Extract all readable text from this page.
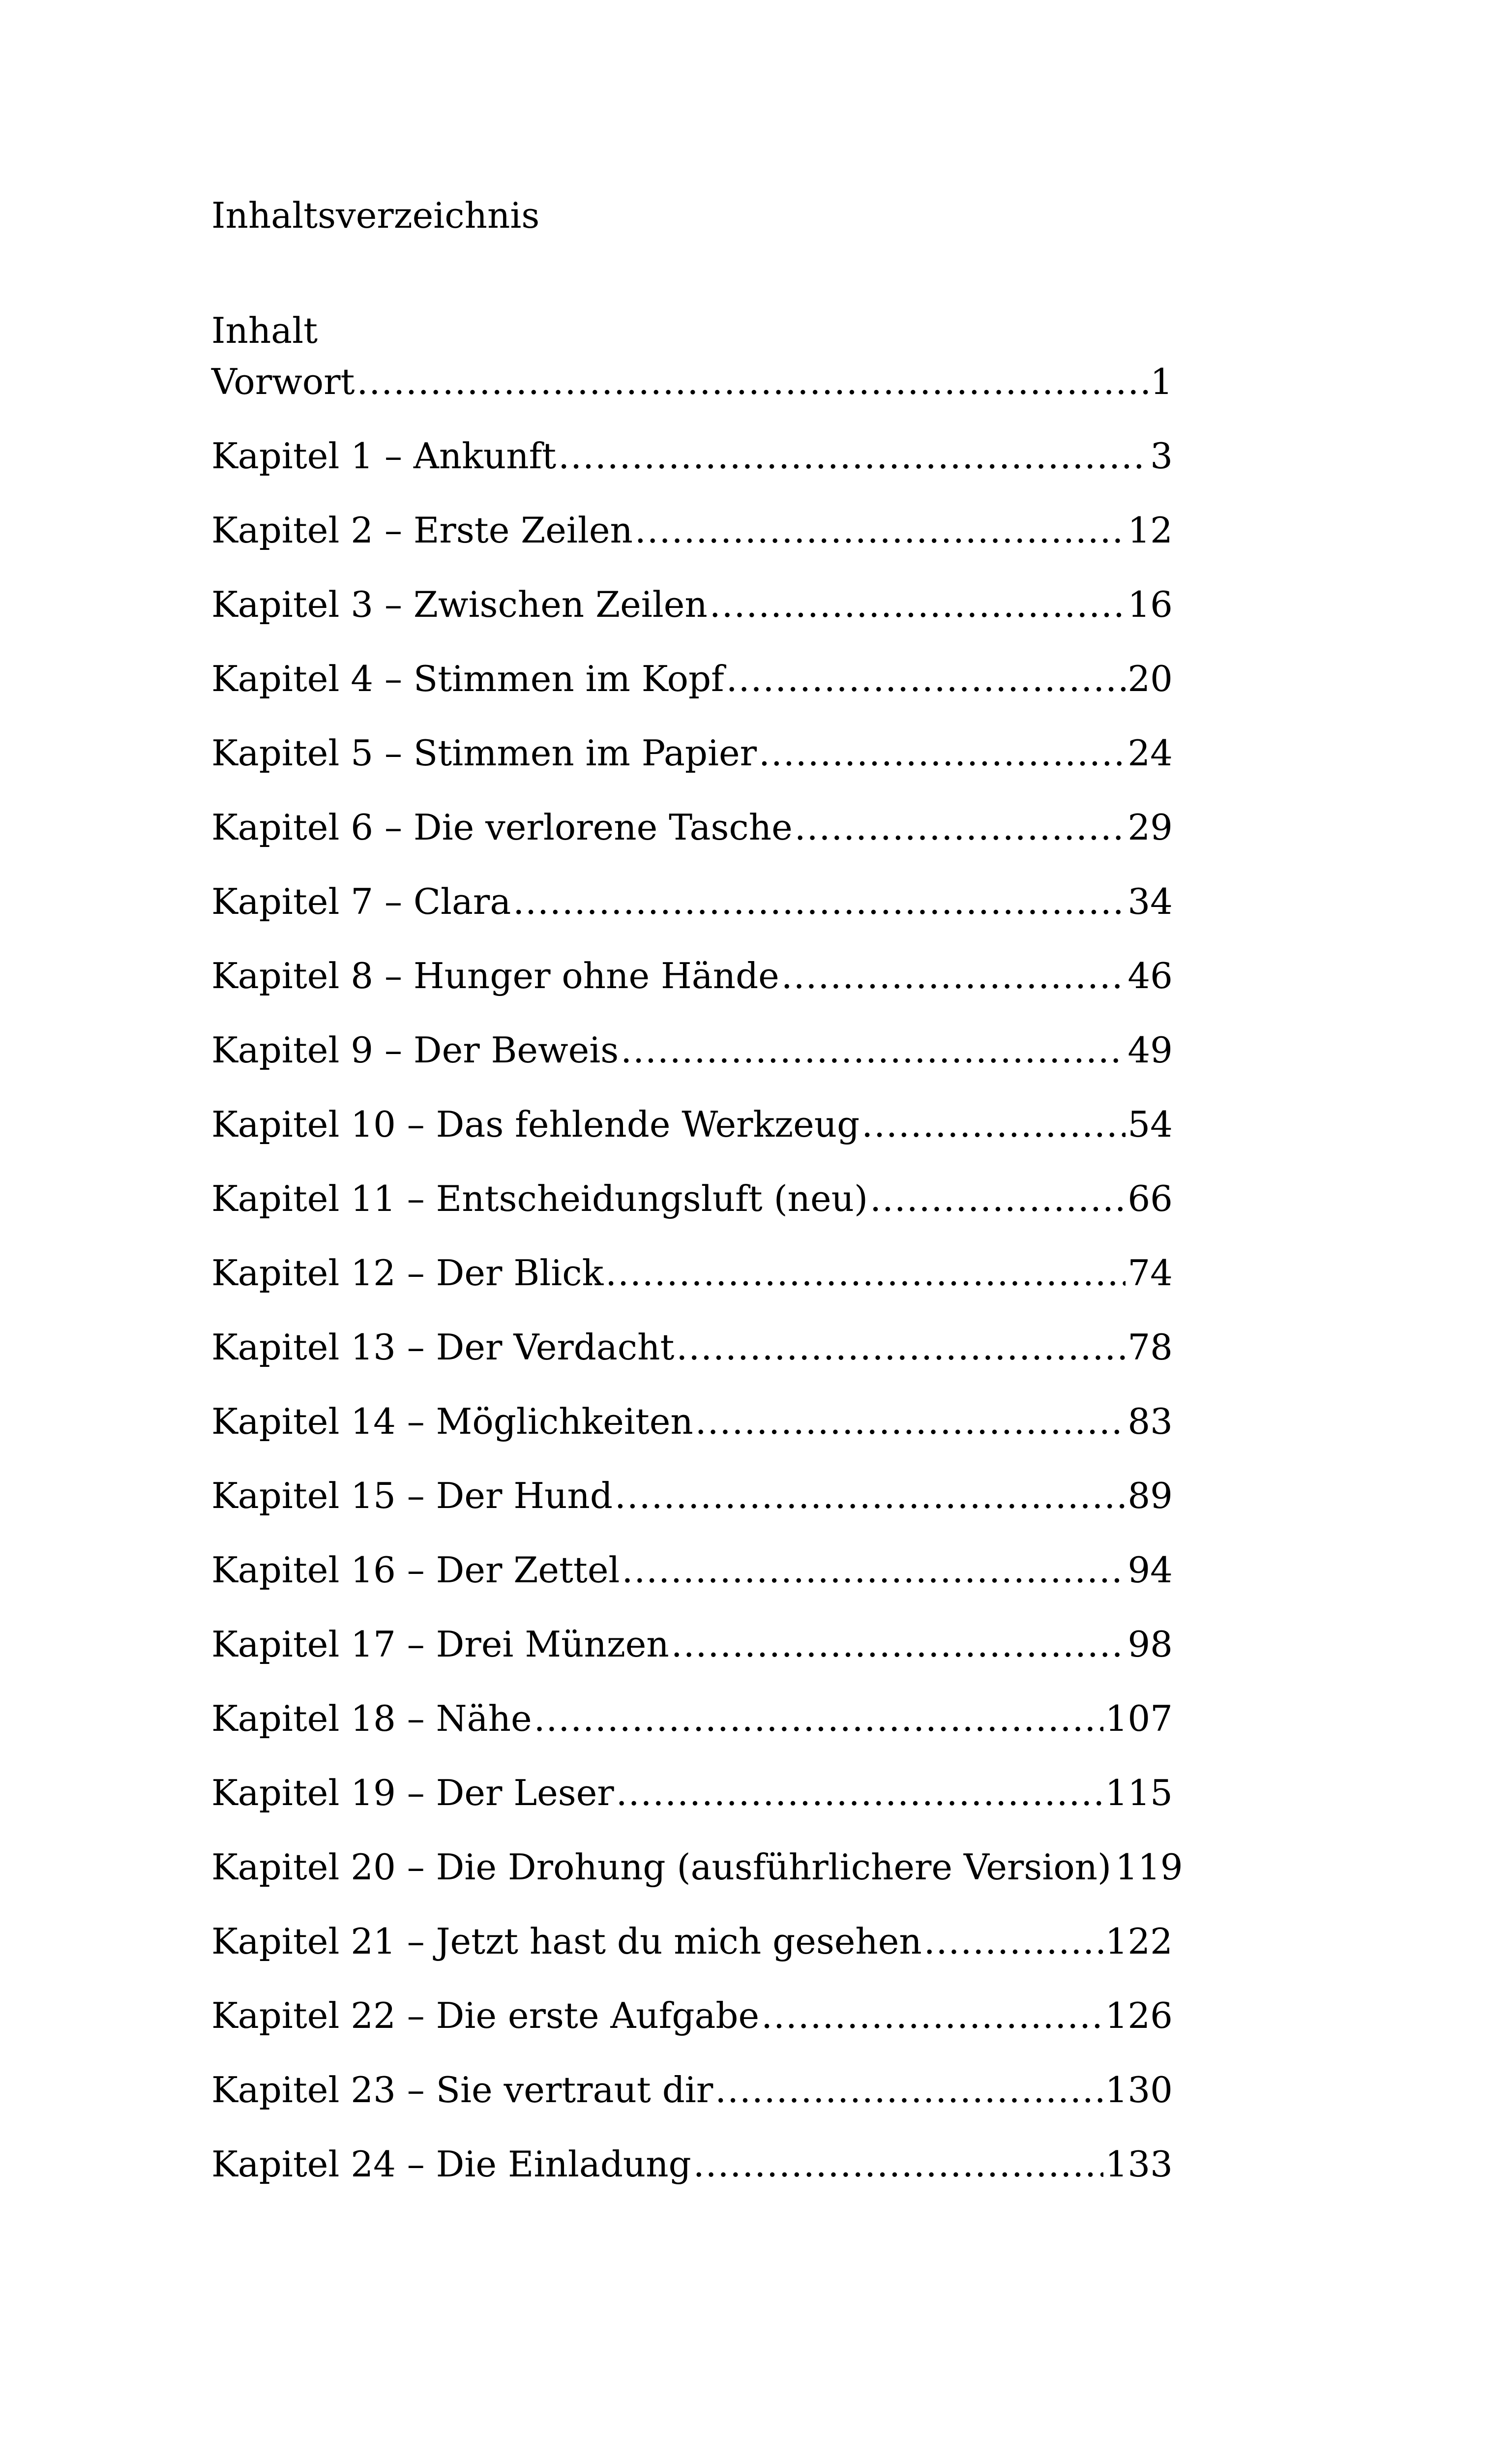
Inhaltsverzeichnis
Inhalt
Vorwort .....	1
Kapitel 1 – Ankunft .....	3
Kapitel 2 – Erste Zeilen .....	12
Kapitel 3 – Zwischen Zeilen .....	16
Kapitel 4 – Stimmen im Kopf .....	20
Kapitel 5 – Stimmen im Papier .....	24
Kapitel 6 – Die verlorene Tasche .....	29
Kapitel 7 – Clara .....	34
Kapitel 8 – Hunger ohne Hände .....	46
Kapitel 9 – Der Beweis .....	49
Kapitel 10 – Das fehlende Werkzeug .....	54
Kapitel 11 – Entscheidungsluft (neu) .....	66
Kapitel 12 – Der Blick .....	74
Kapitel 13 – Der Verdacht .....	78
Kapitel 14 – Möglichkeiten .....	83
Kapitel 15 – Der Hund .....	89
Kapitel 16 – Der Zettel .....	94
Kapitel 17 – Drei Münzen .....	98
Kapitel 18 – Nähe .....	107
Kapitel 19 – Der Leser .....	115
Kapitel 20 – Die Drohung (ausführlichere Version) 119
Kapitel 21 – Jetzt hast du mich gesehen .....	122
Kapitel 22 – Die erste Aufgabe .....	126
Kapitel 23 – Sie vertraut dir .....	130
Kapitel 24 – Die Einladung .....	133
